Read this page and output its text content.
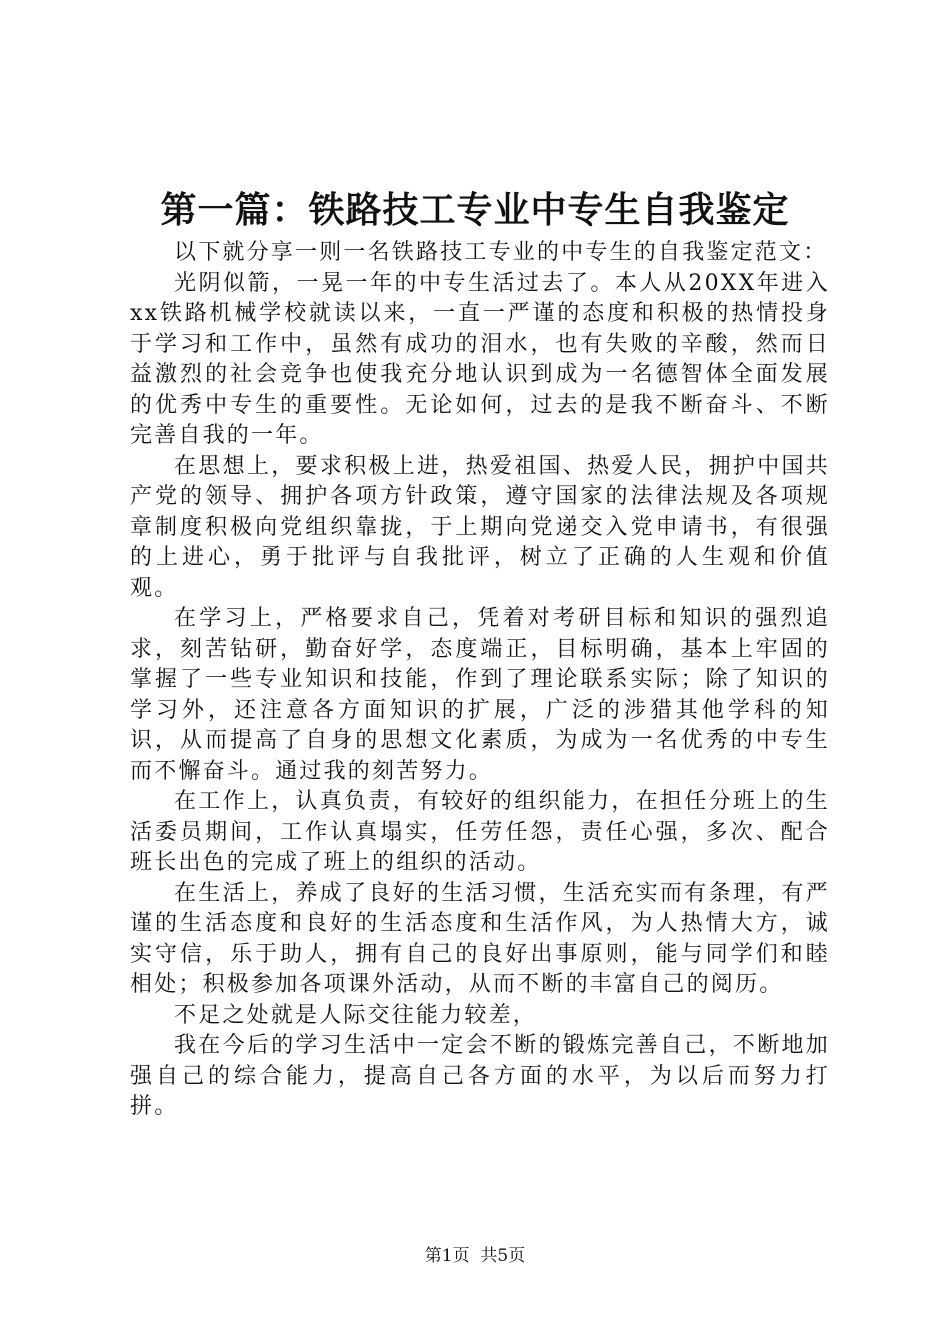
第一篇：铁路技工专业中专生自我鉴定

以下就分享一则一名铁路技工专业的中专生的自我鉴定范文：

光阴似箭，一晃一年的中专生活过去了。本人从20XX年进入xx铁路机械学校就读以来，一直一严谨的态度和积极的热情投身于学习和工作中，虽然有成功的泪水，也有失败的辛酸，然而日益激烈的社会竞争也使我充分地认识到成为一名德智体全面发展的优秀中专生的重要性。无论如何，过去的是我不断奋斗、不断完善自我的一年。

在思想上，要求积极上进，热爱祖国、热爱人民，拥护中国共产党的领导、拥护各项方针政策，遵守国家的法律法规及各项规章制度积极向党组织靠拢，于上期向党递交入党申请书，有很强的上进心，勇于批评与自我批评，树立了正确的人生观和价值观。

在学习上，严格要求自己，凭着对考研目标和知识的强烈追求，刻苦钻研，勤奋好学，态度端正，目标明确，基本上牢固的掌握了一些专业知识和技能，作到了理论联系实际；除了知识的学习外，还注意各方面知识的扩展，广泛的涉猎其他学科的知识，从而提高了自身的思想文化素质，为成为一名优秀的中专生而不懈奋斗。通过我的刻苦努力。

在工作上，认真负责，有较好的组织能力，在担任分班上的生活委员期间，工作认真塌实，任劳任怨，责任心强，多次、配合班长出色的完成了班上的组织的活动。

在生活上，养成了良好的生活习惯，生活充实而有条理，有严谨的生活态度和良好的生活态度和生活作风，为人热情大方，诚实守信，乐于助人，拥有自己的良好出事原则，能与同学们和睦相处；积极参加各项课外活动，从而不断的丰富自己的阅历。

不足之处就是人际交往能力较差，

我在今后的学习生活中一定会不断的锻炼完善自己，不断地加强自己的综合能力，提高自己各方面的水平，为以后而努力打拼。

第1页 共5页
